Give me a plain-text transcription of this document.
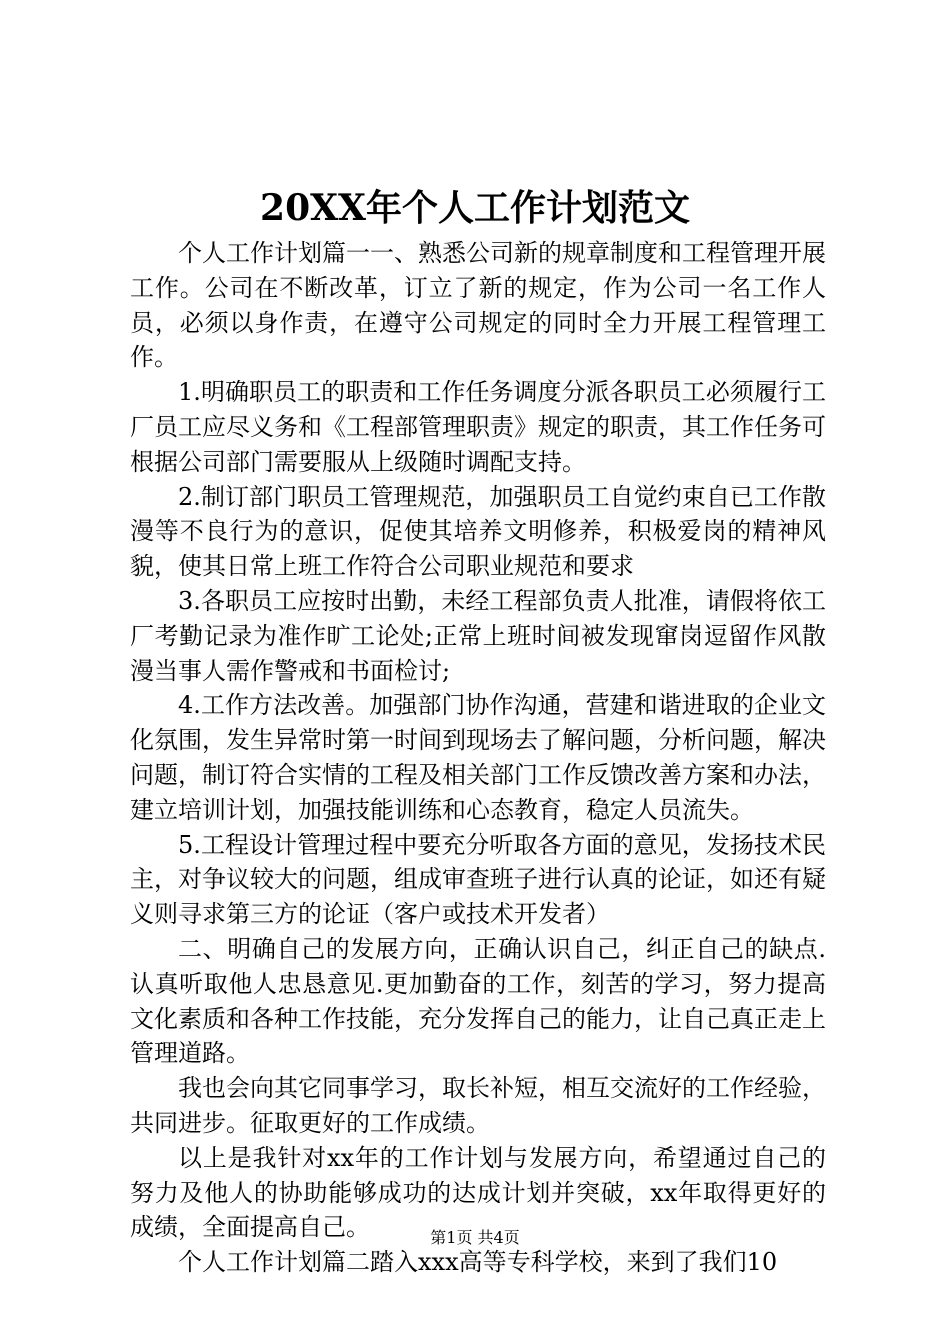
20XX年个人工作计划范文

个人工作计划篇一一、熟悉公司新的规章制度和工程管理开展工作。公司在不断改革，订立了新的规定，作为公司一名工作人员，必须以身作责，在遵守公司规定的同时全力开展工程管理工作。

1.明确职员工的职责和工作任务调度分派各职员工必须履行工厂员工应尽义务和《工程部管理职责》规定的职责，其工作任务可根据公司部门需要服从上级随时调配支持。

2.制订部门职员工管理规范，加强职员工自觉约束自已工作散漫等不良行为的意识，促使其培养文明修养，积极爱岗的精神风貌，使其日常上班工作符合公司职业规范和要求

3.各职员工应按时出勤，未经工程部负责人批准，请假将依工厂考勤记录为准作旷工论处;正常上班时间被发现窜岗逗留作风散漫当事人需作警戒和书面检讨;

4.工作方法改善。加强部门协作沟通，营建和谐进取的企业文化氛围，发生异常时第一时间到现场去了解问题，分析问题，解决问题，制订符合实情的工程及相关部门工作反馈改善方案和办法，建立培训计划，加强技能训练和心态教育，稳定人员流失。

5.工程设计管理过程中要充分听取各方面的意见，发扬技术民主，对争议较大的问题，组成审查班子进行认真的论证，如还有疑义则寻求第三方的论证（客户或技术开发者）

二、明确自己的发展方向，正确认识自己，纠正自己的缺点.认真听取他人忠恳意见.更加勤奋的工作，刻苦的学习，努力提高文化素质和各种工作技能，充分发挥自己的能力，让自己真正走上管理道路。

我也会向其它同事学习，取长补短，相互交流好的工作经验，共同进步。征取更好的工作成绩。

以上是我针对xx年的工作计划与发展方向，希望通过自己的努力及他人的协助能够成功的达成计划并突破，xx年取得更好的成绩，全面提高自己。

个人工作计划篇二踏入xxx高等专科学校，来到了我们10

第1页 共4页
